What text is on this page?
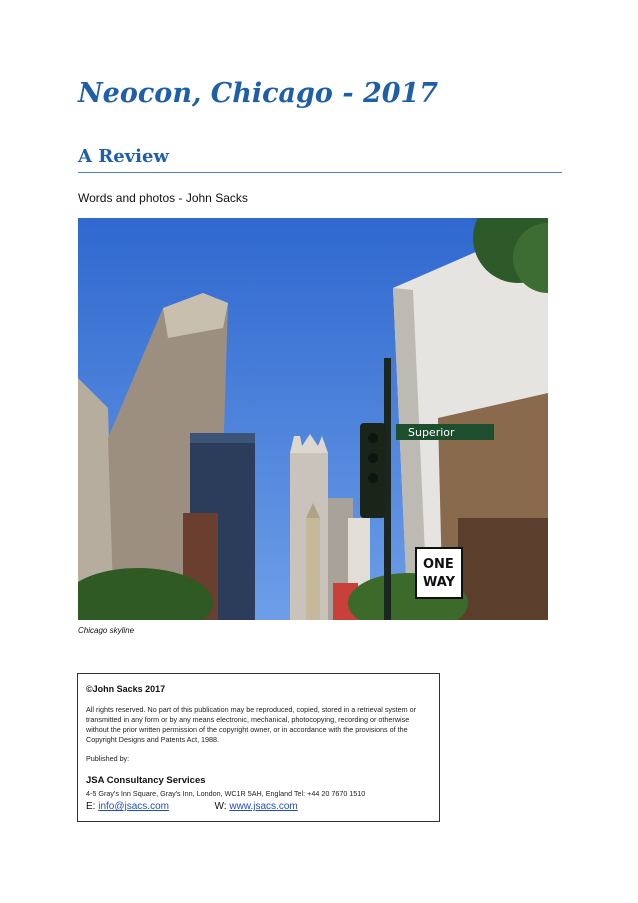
Neocon, Chicago - 2017
A Review
Words and photos - John Sacks
Superior
ONE
WAY
Chicago skyline

©John Sacks 2017

All rights reserved. No part of this publication may be reproduced, copied, stored in a retrieval system or transmitted in any form or by any means electronic, mechanical, photocopying, recording or otherwise without the prior written permission of the copyright owner, or in accordance with the provisions of the Copyright Designs and Patents Act, 1988.

Published by:

JSA Consultancy Services

4-5 Gray's Inn Square, Gray's Inn, London, WC1R 5AH, England Tel: +44 20 7670 1510

E: info@jsacs.com	W: www.jsacs.com
